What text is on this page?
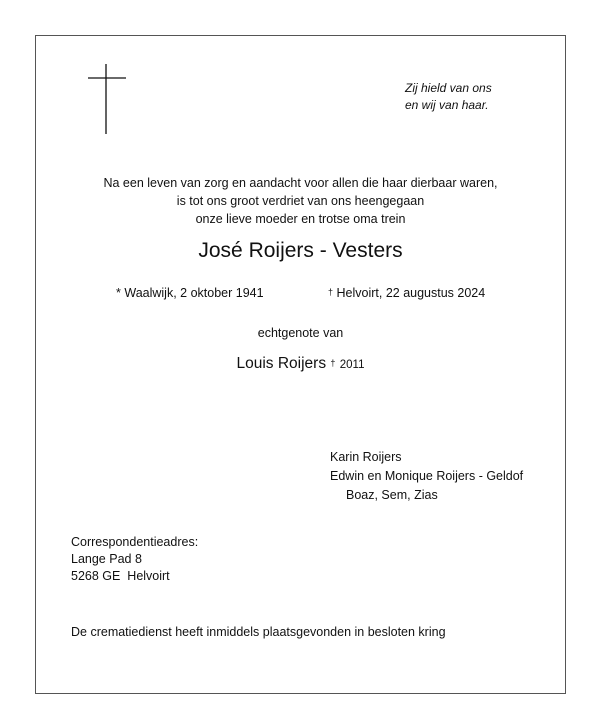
Zij hield van ons
en wij van haar.
Na een leven van zorg en aandacht voor allen die haar dierbaar waren,
is tot ons groot verdriet van ons heengegaan
onze lieve moeder en trotse oma trein
José Roijers - Vesters
* Waalwijk, 2 oktober 1941	† Helvoirt, 22 augustus 2024
echtgenote van
Louis Roijers † 2011
Karin Roijers
Edwin en Monique Roijers - Geldof
Boaz, Sem, Zias
Correspondentieadres:
Lange Pad 8
5268 GE  Helvoirt
De crematiedienst heeft inmiddels plaatsgevonden in besloten kring
